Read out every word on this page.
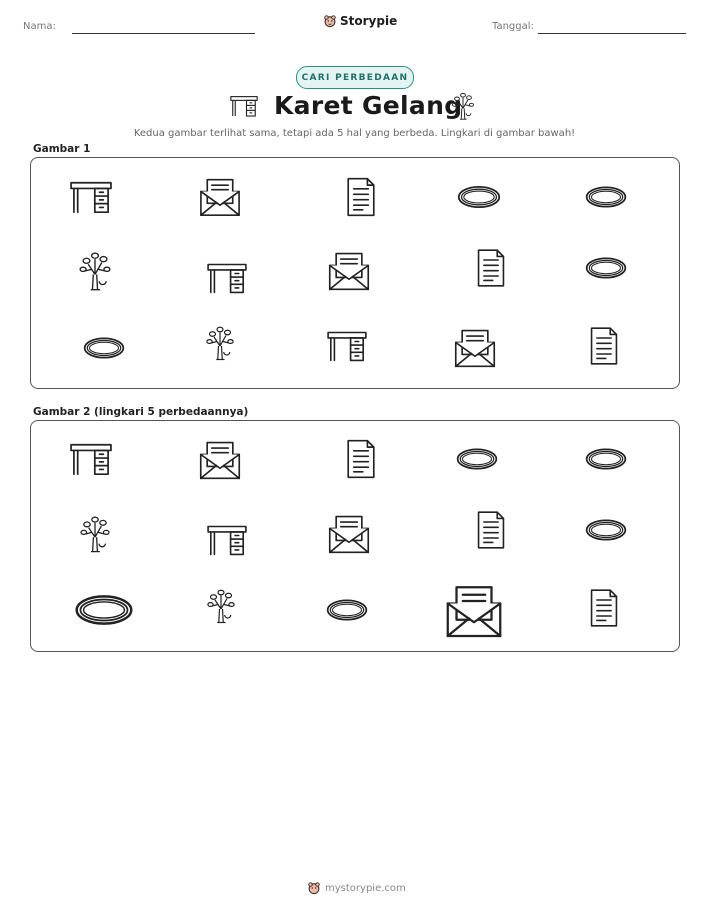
Nama:	Storypie	Tanggal:
CARI PERBEDAAN
Karet Gelang
Kedua gambar terlihat sama, tetapi ada 5 hal yang berbeda. Lingkari di gambar bawah!
Gambar 1
Gambar 2 (lingkari 5 perbedaannya)
mystorypie.com
